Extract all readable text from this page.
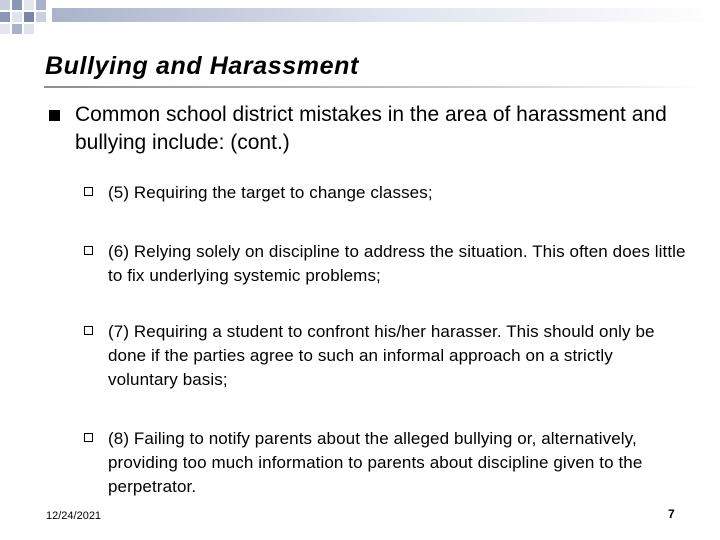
Bullying and Harassment
Common school district mistakes in the area of harassment and bullying include: (cont.)
(5) Requiring the target to change classes;
(6) Relying solely on discipline to address the situation. This often does little to fix underlying systemic problems;
(7) Requiring a student to confront his/her harasser. This should only be done if the parties agree to such an informal approach on a strictly voluntary basis;
(8) Failing to notify parents about the alleged bullying or, alternatively, providing too much information to parents about discipline given to the perpetrator.
12/24/2021	7
